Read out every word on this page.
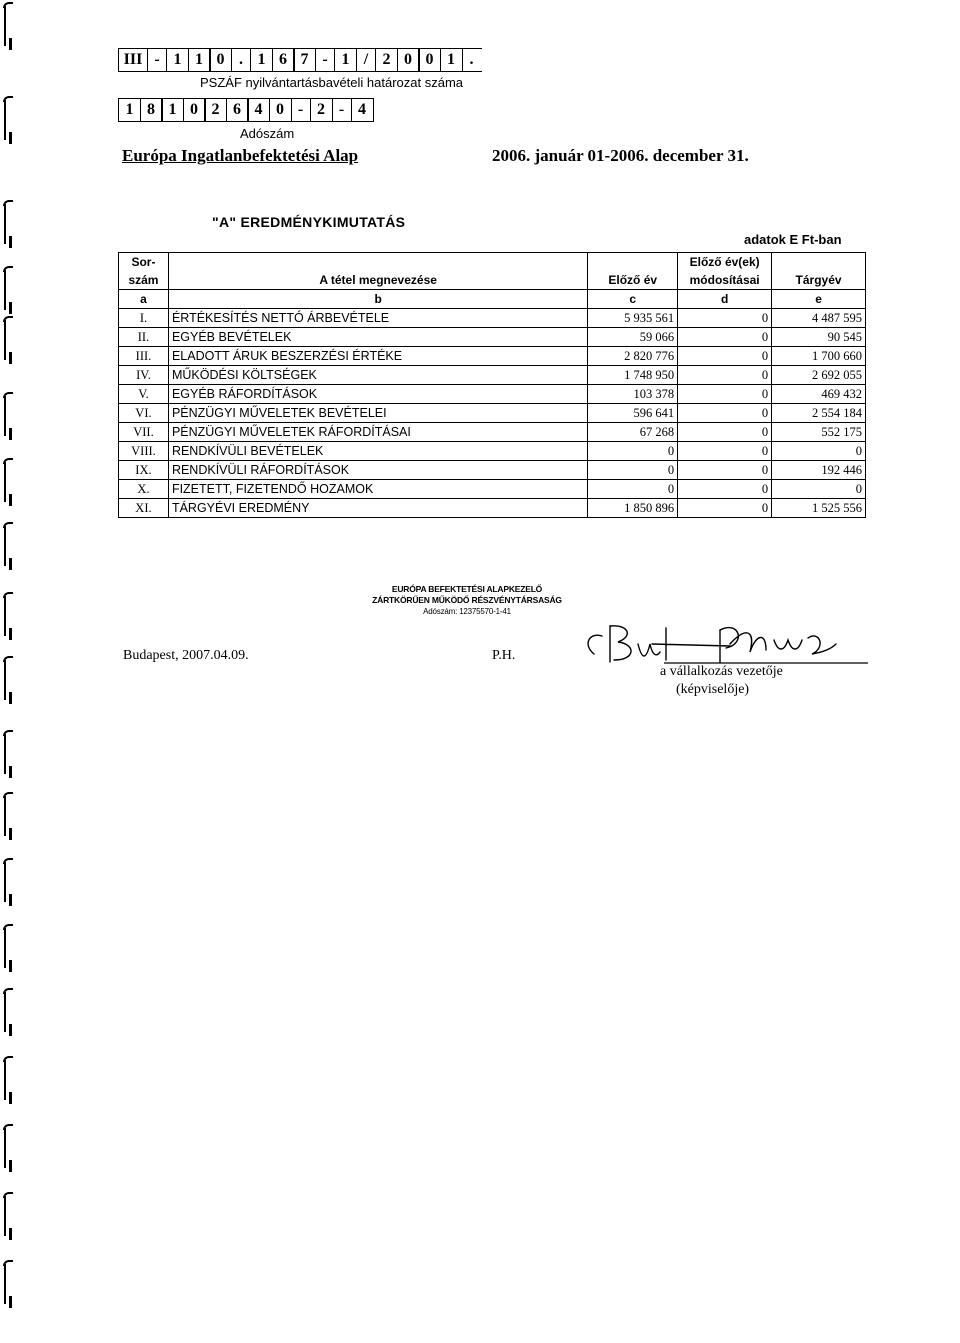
III - 1 1 0 . 1 6 7 - 1 / 2 0 0 1 .
PSZÁF nyilvántartásbavételi határozat száma
1 8 1 0 2 6 4 0 - 2 - 4
Adószám
Európa Ingatlanbefektetési Alap	2006. január 01-2006. december 31.
"A" EREDMÉNYKIMUTATÁS
adatok E Ft-ban
Sor-			Előző év(ek)	
szám	A tétel megnevezése	Előző év	módosításai	Tárgyév
a	b	c	d	e
I.	ÉRTÉKESÍTÉS NETTÓ ÁRBEVÉTELE	5 935 561	0	4 487 595
II.	EGYÉB BEVÉTELEK	59 066	0	90 545
III.	ELADOTT ÁRUK BESZERZÉSI ÉRTÉKE	2 820 776	0	1 700 660
IV.	MŰKÖDÉSI KÖLTSÉGEK	1 748 950	0	2 692 055
V.	EGYÉB RÁFORDÍTÁSOK	103 378	0	469 432
VI.	PÉNZÜGYI MŰVELETEK BEVÉTELEI	596 641	0	2 554 184
VII.	PÉNZÜGYI MŰVELETEK RÁFORDÍTÁSAI	67 268	0	552 175
VIII.	RENDKÍVÜLI BEVÉTELEK	0	0	0
IX.	RENDKÍVÜLI RÁFORDÍTÁSOK	0	0	192 446
X.	FIZETETT, FIZETENDŐ HOZAMOK	0	0	0
XI.	TÁRGYÉVI EREDMÉNY	1 850 896	0	1 525 556
EURÓPA BEFEKTETÉSI ALAPKEZELŐ
ZÁRTKÖRŰEN MŰKÖDŐ RÉSZVÉNYTÁRSASÁG
Adószám: 12375570-1-41
Budapest, 2007.04.09.	P.H.
a vállalkozás vezetője
(képviselője)
